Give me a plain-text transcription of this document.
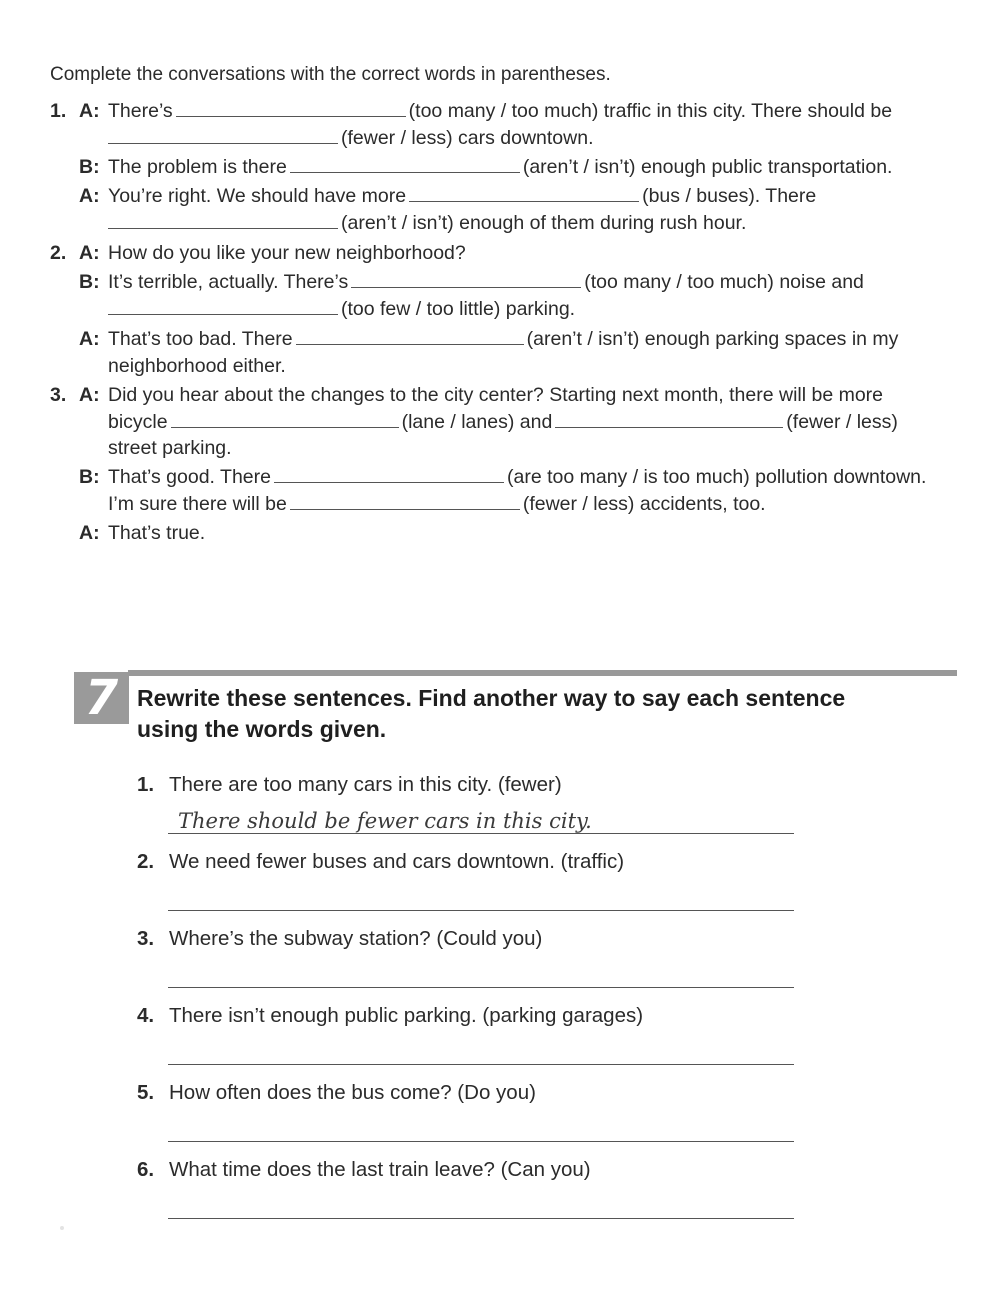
Complete the conversations with the correct words in parentheses.

1. A: There’s	(too many / too much) traffic in this city. There should be
(fewer / less) cars downtown.
B: The problem is there	(aren’t / isn’t) enough public transportation.
A: You’re right. We should have more	(bus / buses). There
(aren’t / isn’t) enough of them during rush hour.
2. A: How do you like your new neighborhood?
B: It’s terrible, actually. There’s	(too many / too much) noise and
(too few / too little) parking.
A: That’s too bad. There	(aren’t / isn’t) enough parking spaces in my
neighborhood either.
3. A: Did you hear about the changes to the city center? Starting next month, there will be more
bicycle	(lane / lanes) and	(fewer / less)
street parking.
B: That’s good. There	(are too many / is too much) pollution downtown.
I’m sure there will be	(fewer / less) accidents, too.
A: That’s true.
7 Rewrite these sentences. Find another way to say each sentence
using the words given.
1. There are too many cars in this city. (fewer)
There should be fewer cars in this city.
2. We need fewer buses and cars downtown. (traffic)
3. Where’s the subway station? (Could you)
4. There isn’t enough public parking. (parking garages)
5. How often does the bus come? (Do you)
6. What time does the last train leave? (Can you)
